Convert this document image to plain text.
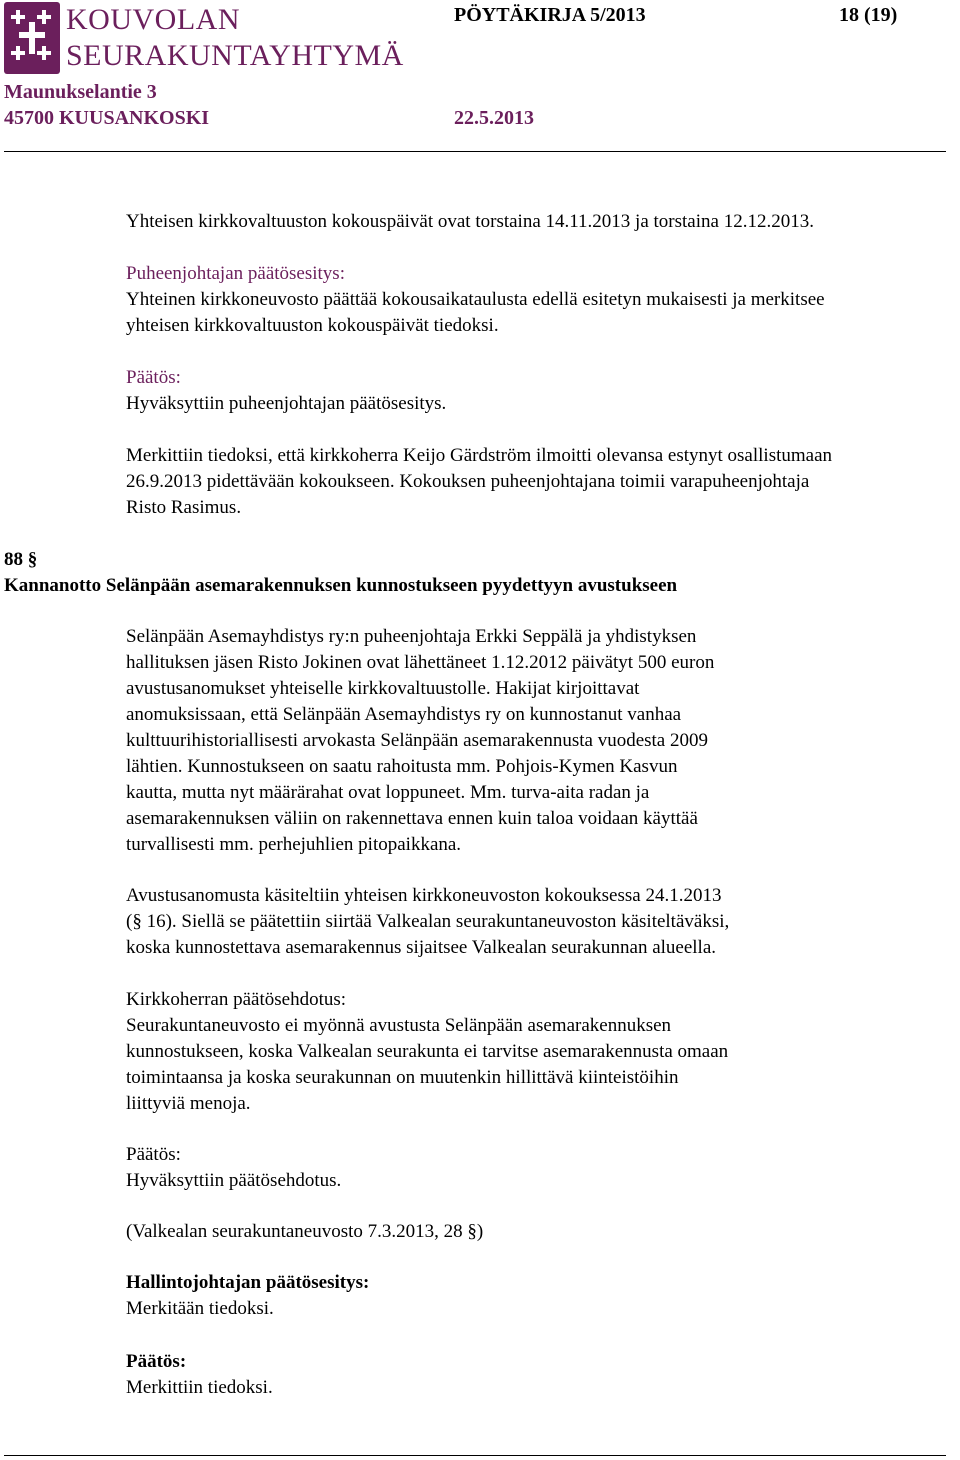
KOUVOLAN
SEURAKUNTAYHTYMÄ
PÖYTÄKIRJA 5/2013	18 (19)
Maunukselantie 3
45700 KUUSANKOSKI	22.5.2013
Yhteisen kirkkovaltuuston kokouspäivät ovat torstaina 14.11.2013 ja torstaina 12.12.2013.
Puheenjohtajan päätösesitys:
Yhteinen kirkkoneuvosto päättää kokousaikataulusta edellä esitetyn mukaisesti ja merkitsee
yhteisen kirkkovaltuuston kokouspäivät tiedoksi.
Päätös:
Hyväksyttiin puheenjohtajan päätösesitys.
Merkittiin tiedoksi, että kirkkoherra Keijo Gärdström ilmoitti olevansa estynyt osallistumaan
26.9.2013 pidettävään kokoukseen. Kokouksen puheenjohtajana toimii varapuheenjohtaja
Risto Rasimus.
88 §
Kannanotto Selänpään asemarakennuksen kunnostukseen pyydettyyn avustukseen
Selänpään Asemayhdistys ry:n puheenjohtaja Erkki Seppälä ja yhdistyksen
hallituksen jäsen Risto Jokinen ovat lähettäneet 1.12.2012 päivätyt 500 euron
avustusanomukset yhteiselle kirkkovaltuustolle. Hakijat kirjoittavat
anomuksissaan, että Selänpään Asemayhdistys ry on kunnostanut vanhaa
kulttuurihistoriallisesti arvokasta Selänpään asemarakennusta vuodesta 2009
lähtien. Kunnostukseen on saatu rahoitusta mm. Pohjois-Kymen Kasvun
kautta, mutta nyt määrärahat ovat loppuneet. Mm. turva-aita radan ja
asemarakennuksen väliin on rakennettava ennen kuin taloa voidaan käyttää
turvallisesti mm. perhejuhlien pitopaikkana.
Avustusanomusta käsiteltiin yhteisen kirkkoneuvoston kokouksessa 24.1.2013
(§ 16). Siellä se päätettiin siirtää Valkealan seurakuntaneuvoston käsiteltäväksi,
koska kunnostettava asemarakennus sijaitsee Valkealan seurakunnan alueella.
Kirkkoherran päätösehdotus:
Seurakuntaneuvosto ei myönnä avustusta Selänpään asemarakennuksen
kunnostukseen, koska Valkealan seurakunta ei tarvitse asemarakennusta omaan
toimintaansa ja koska seurakunnan on muutenkin hillittävä kiinteistöihin
liittyviä menoja.
Päätös:
Hyväksyttiin päätösehdotus.
(Valkealan seurakuntaneuvosto 7.3.2013, 28 §)
Hallintojohtajan päätösesitys:
Merkitään tiedoksi.
Päätös:
Merkittiin tiedoksi.
